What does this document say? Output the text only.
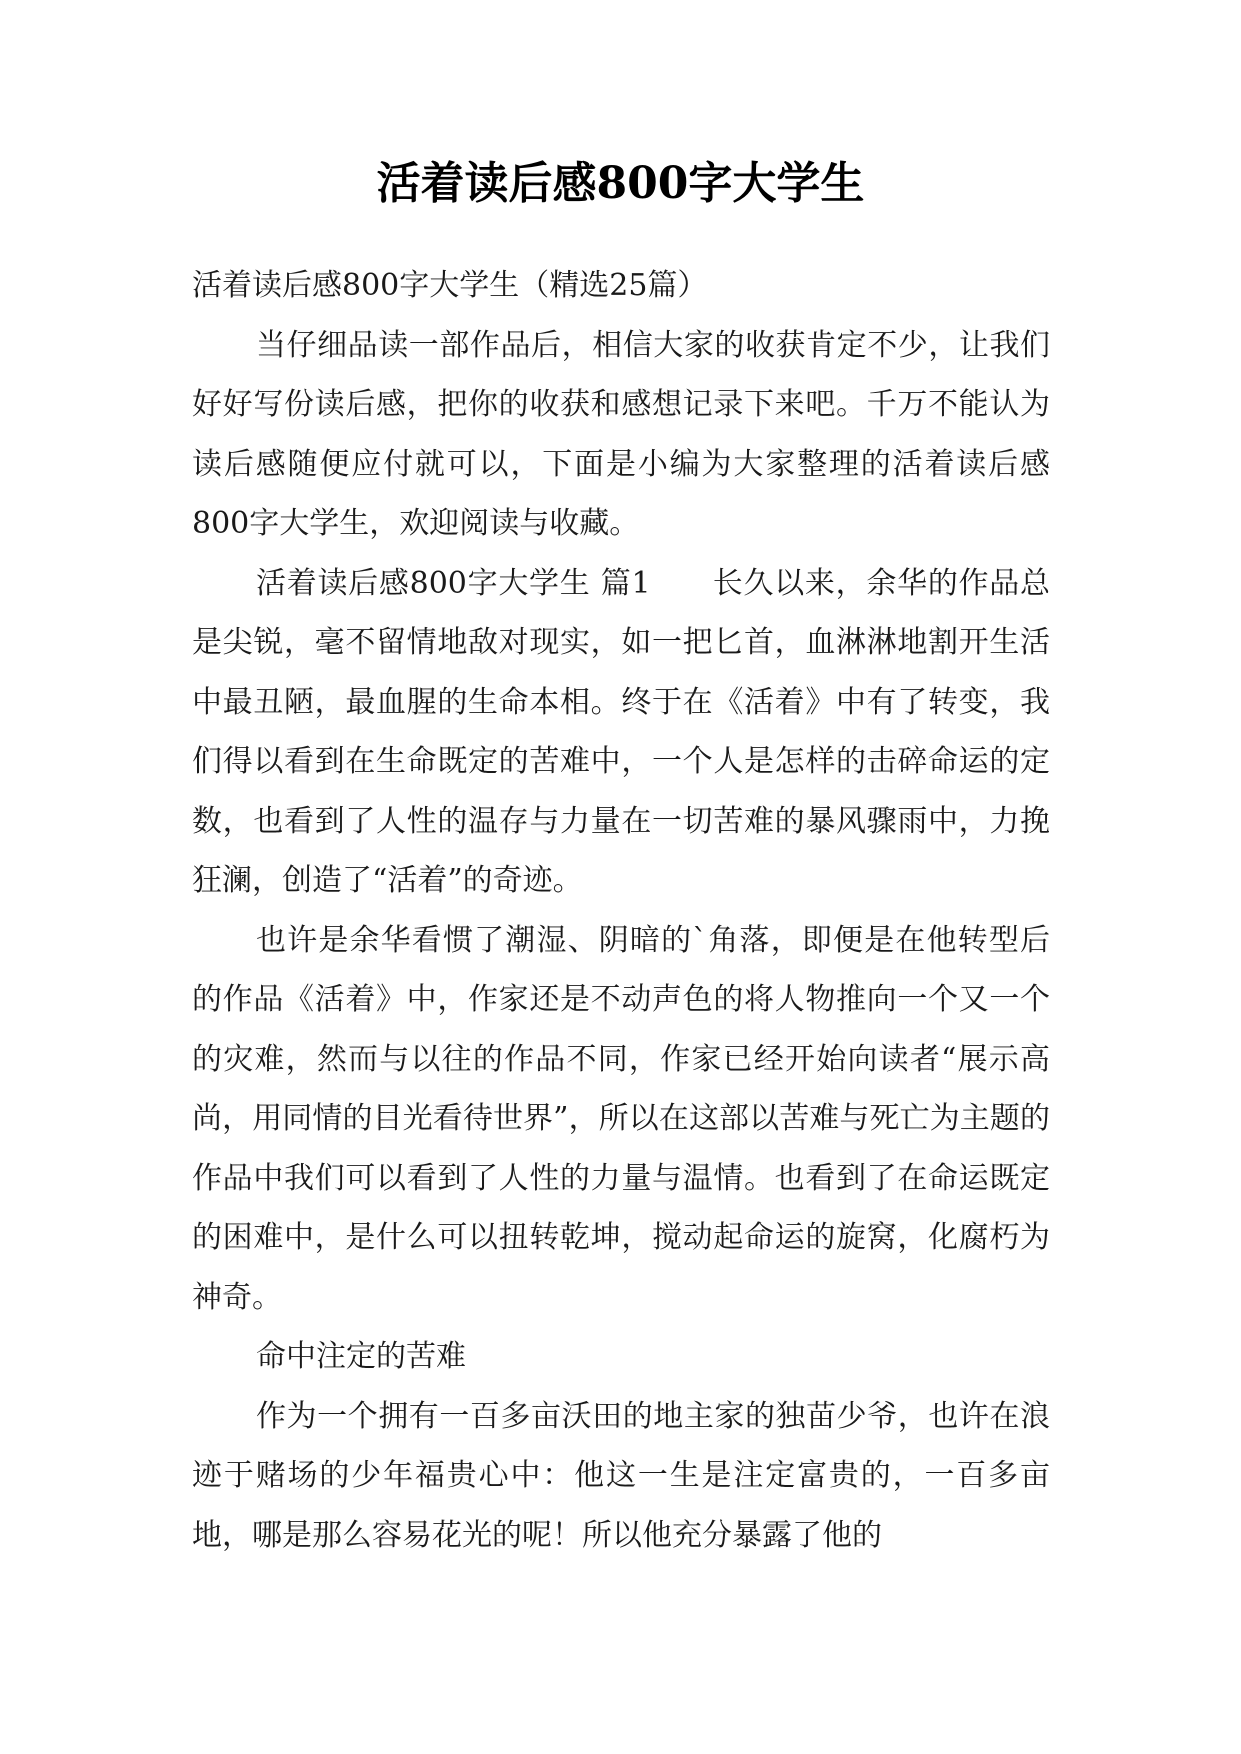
活着读后感800字大学生

活着读后感800字大学生（精选25篇）

当仔细品读一部作品后，相信大家的收获肯定不少，让我们好好写份读后感，把你的收获和感想记录下来吧。千万不能认为读后感随便应付就可以，下面是小编为大家整理的活着读后感800字大学生，欢迎阅读与收藏。

活着读后感800字大学生 篇1　　长久以来，余华的作品总是尖锐，毫不留情地敌对现实，如一把匕首，血淋淋地割开生活中最丑陋，最血腥的生命本相。终于在《活着》中有了转变，我们得以看到在生命既定的苦难中，一个人是怎样的击碎命运的定数，也看到了人性的温存与力量在一切苦难的暴风骤雨中，力挽狂澜，创造了“活着”的奇迹。

也许是余华看惯了潮湿、阴暗的`角落，即便是在他转型后的作品《活着》中，作家还是不动声色的将人物推向一个又一个的灾难，然而与以往的作品不同，作家已经开始向读者“展示高尚，用同情的目光看待世界”，所以在这部以苦难与死亡为主题的作品中我们可以看到了人性的力量与温情。也看到了在命运既定的困难中，是什么可以扭转乾坤，搅动起命运的旋窝，化腐朽为神奇。

命中注定的苦难

作为一个拥有一百多亩沃田的地主家的独苗少爷，也许在浪迹于赌场的少年福贵心中：他这一生是注定富贵的，一百多亩地，哪是那么容易花光的呢！所以他充分暴露了他的
